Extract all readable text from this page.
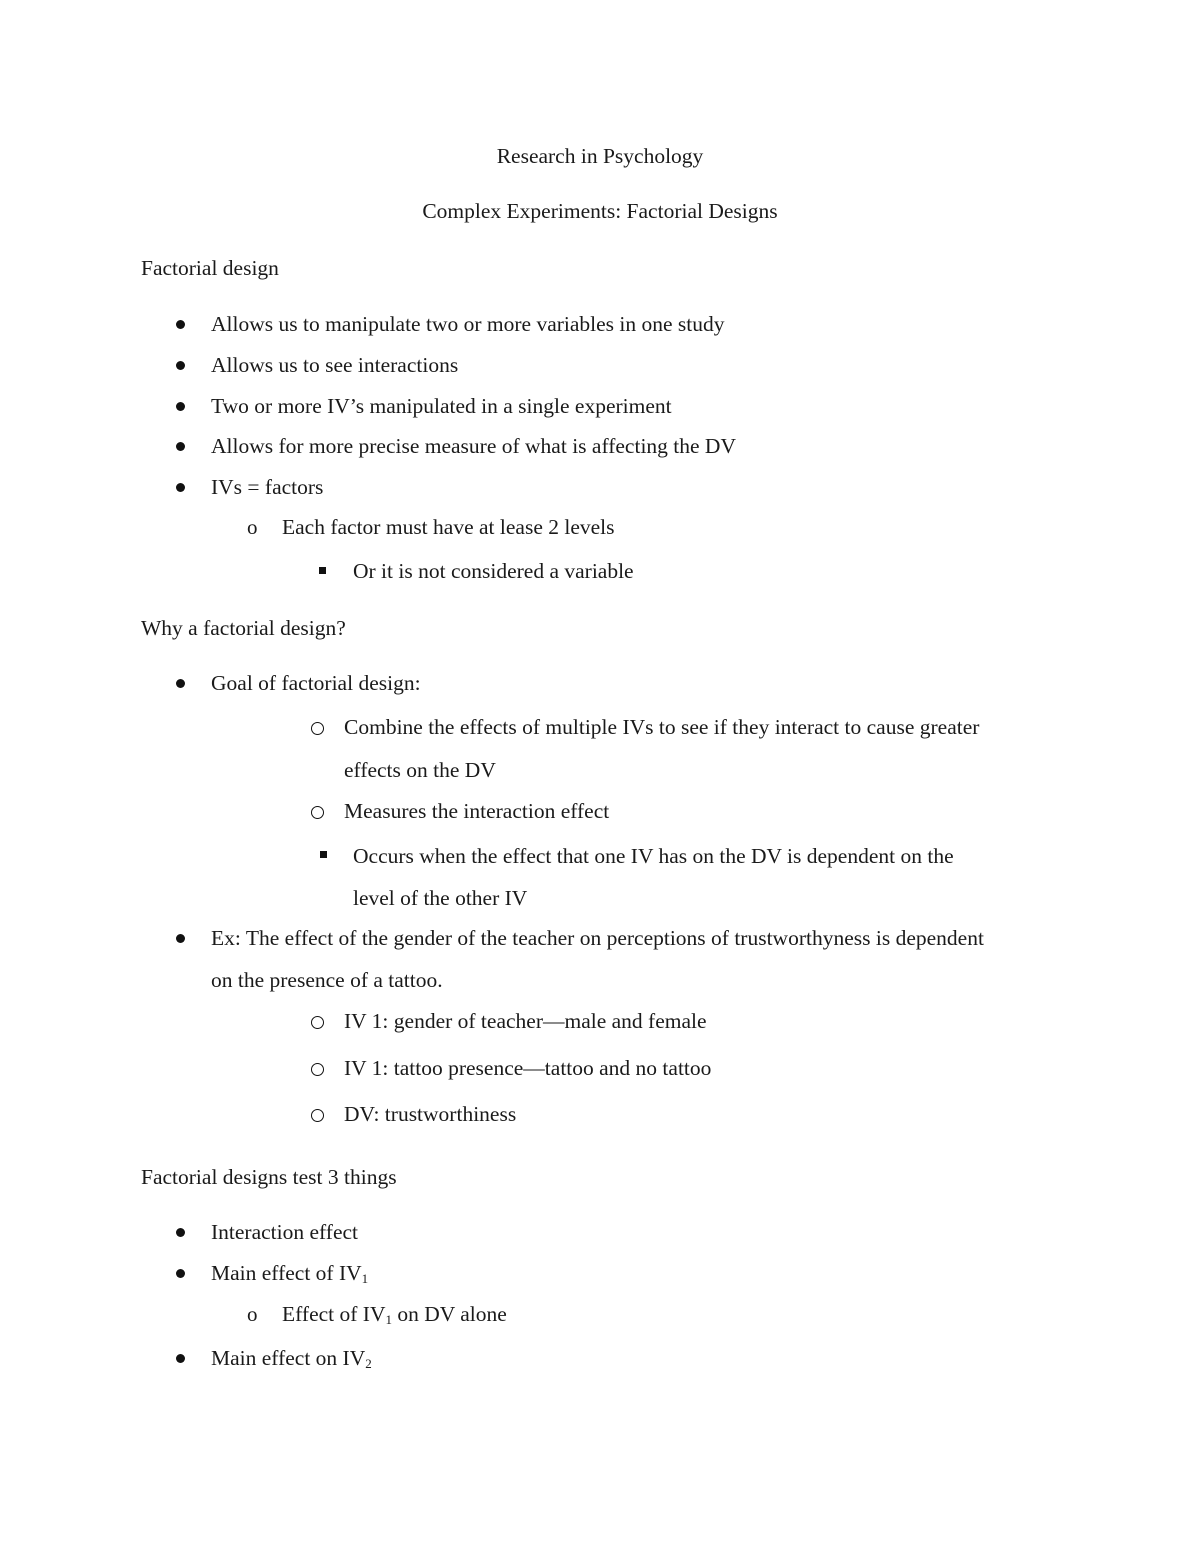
Research in Psychology
Complex Experiments: Factorial Designs
Factorial design
Allows us to manipulate two or more variables in one study
Allows us to see interactions
Two or more IV’s manipulated in a single experiment
Allows for more precise measure of what is affecting the DV
IVs = factors
o Each factor must have at lease 2 levels
Or it is not considered a variable
Why a factorial design?
Goal of factorial design:
Combine the effects of multiple IVs to see if they interact to cause greater
effects on the DV
Measures the interaction effect
Occurs when the effect that one IV has on the DV is dependent on the
level of the other IV
Ex: The effect of the gender of the teacher on perceptions of trustworthyness is dependent
on the presence of a tattoo.
IV 1: gender of teacher—male and female
IV 1: tattoo presence—tattoo and no tattoo
DV: trustworthiness
Factorial designs test 3 things
Interaction effect
Main effect of $IV_1$
o Effect of $IV_1$ on DV alone
Main effect on $IV_2$
